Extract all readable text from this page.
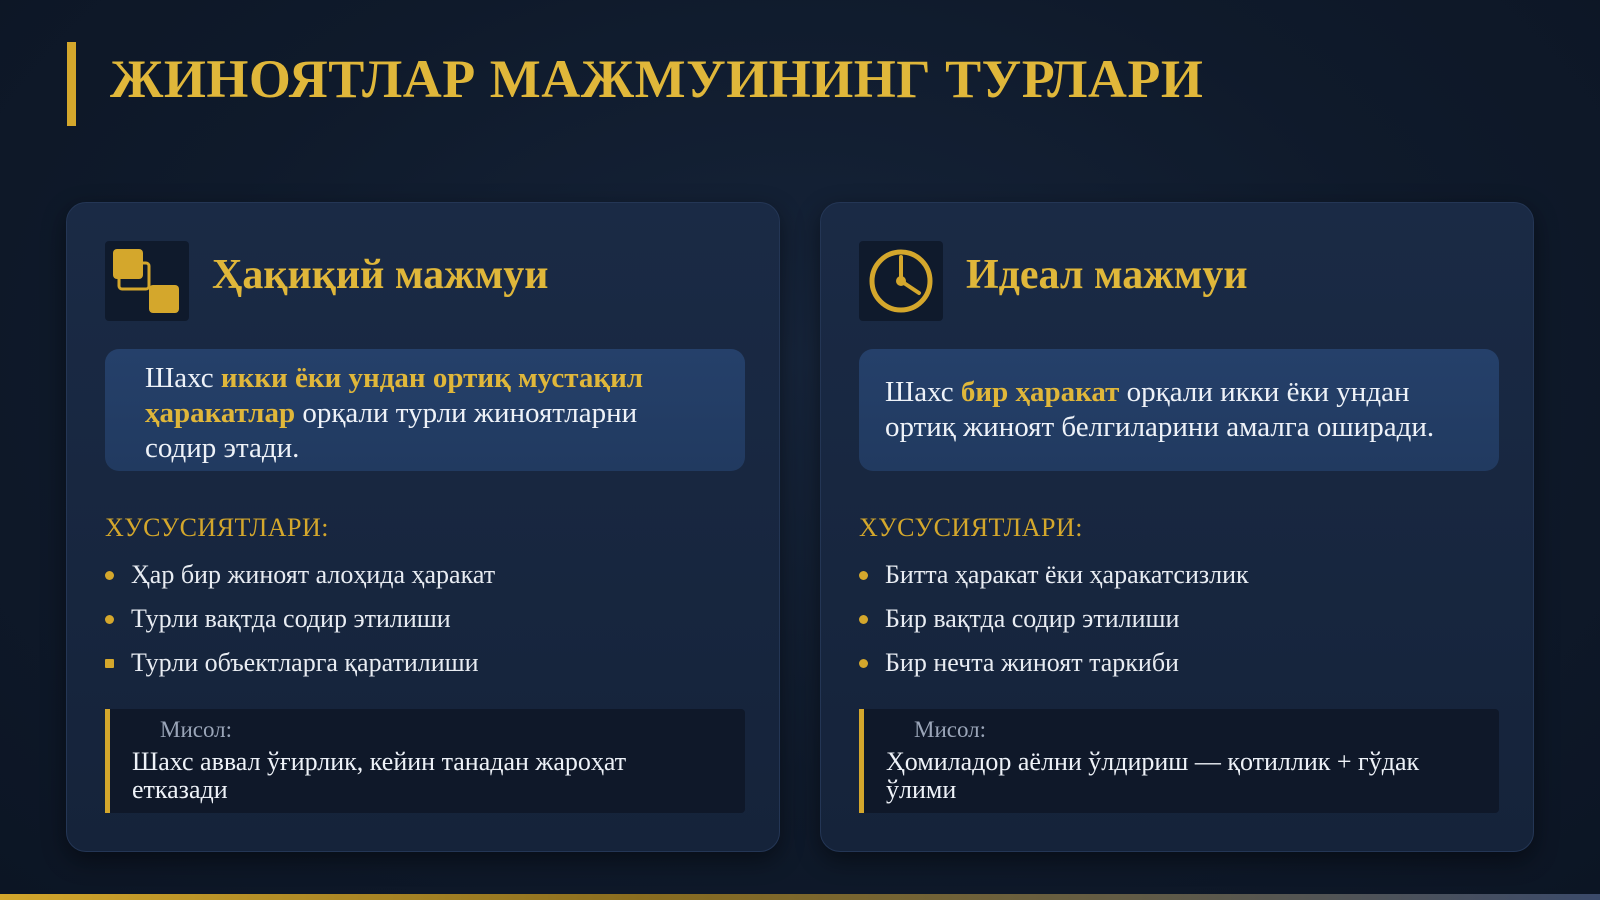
ЖИНОЯТЛАР МАЖМУИНИНГ ТУРЛАРИ
Ҳақиқий мажмуи
Шахс икки ёки ундан ортиқ мустақил ҳаракатлар орқали турли жиноятларни содир этади.
ХУСУСИЯТЛАРИ:
Ҳар бир жиноят алоҳида ҳаракат
Турли вақтда содир этилиши
Турли объектларга қаратилиши
Мисол:
Шахс аввал ўғирлик, кейин танадан жароҳат етказади
Идеал мажмуи
Шахс бир ҳаракат орқали икки ёки ундан ортиқ жиноят белгиларини амалга оширади.
ХУСУСИЯТЛАРИ:
Битта ҳаракат ёки ҳаракатсизлик
Бир вақтда содир этилиши
Бир нечта жиноят таркиби
Мисол:
Ҳомиладор аёлни ўлдириш — қотиллик + гўдак ўлими
